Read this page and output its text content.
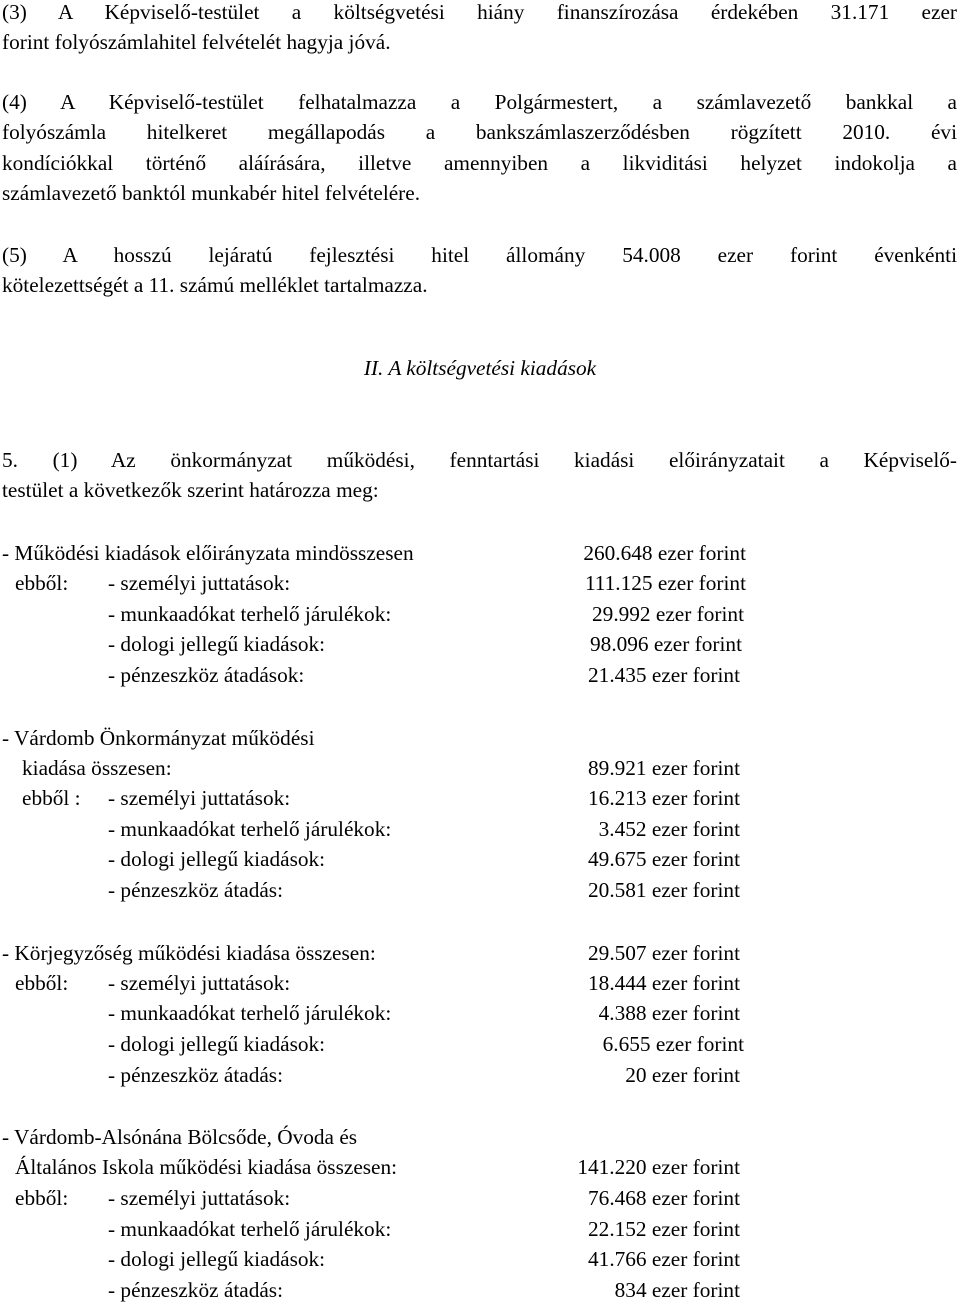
(3) A Képviselő-testület a költségvetési hiány finanszírozása érdekében 31.171 ezer
forint folyószámlahitel felvételét hagyja jóvá.
(4) A Képviselő-testület felhatalmazza a Polgármestert, a számlavezető bankkal a
folyószámla hitelkeret megállapodás a bankszámlaszerződésben rögzített 2010. évi
kondíciókkal történő aláírására, illetve amennyiben a likviditási helyzet indokolja a
számlavezető banktól munkabér hitel felvételére.
(5) A hosszú lejáratú fejlesztési hitel állomány 54.008 ezer forint évenkénti
kötelezettségét a 11. számú melléklet tartalmazza.
II. A költségvetési kiadások
5. (1) Az önkormányzat működési, fenntartási kiadási előirányzatait a Képviselő-
testület a következők szerint határozza meg:
- Működési kiadások előirányzata mindösszesen	260.648 ezer forint
ebből: - személyi juttatások:	111.125 ezer forint
- munkaadókat terhelő járulékok:	29.992 ezer forint
- dologi jellegű kiadások:	98.096 ezer forint
- pénzeszköz átadások:	21.435 ezer forint
- Várdomb Önkormányzat működési
kiadása összesen:	89.921 ezer forint
ebből : - személyi juttatások:	16.213 ezer forint
- munkaadókat terhelő járulékok:	3.452 ezer forint
- dologi jellegű kiadások:	49.675 ezer forint
- pénzeszköz átadás:	20.581 ezer forint
- Körjegyzőség működési kiadása összesen:	29.507 ezer forint
ebből: - személyi juttatások:	18.444 ezer forint
- munkaadókat terhelő járulékok:	4.388 ezer forint
- dologi jellegű kiadások:	6.655 ezer forint
- pénzeszköz átadás:	20 ezer forint
- Várdomb-Alsónána Bölcsőde, Óvoda és
Általános Iskola működési kiadása összesen:	141.220 ezer forint
ebből: - személyi juttatások:	76.468 ezer forint
- munkaadókat terhelő járulékok:	22.152 ezer forint
- dologi jellegű kiadások:	41.766 ezer forint
- pénzeszköz átadás:	834 ezer forint
